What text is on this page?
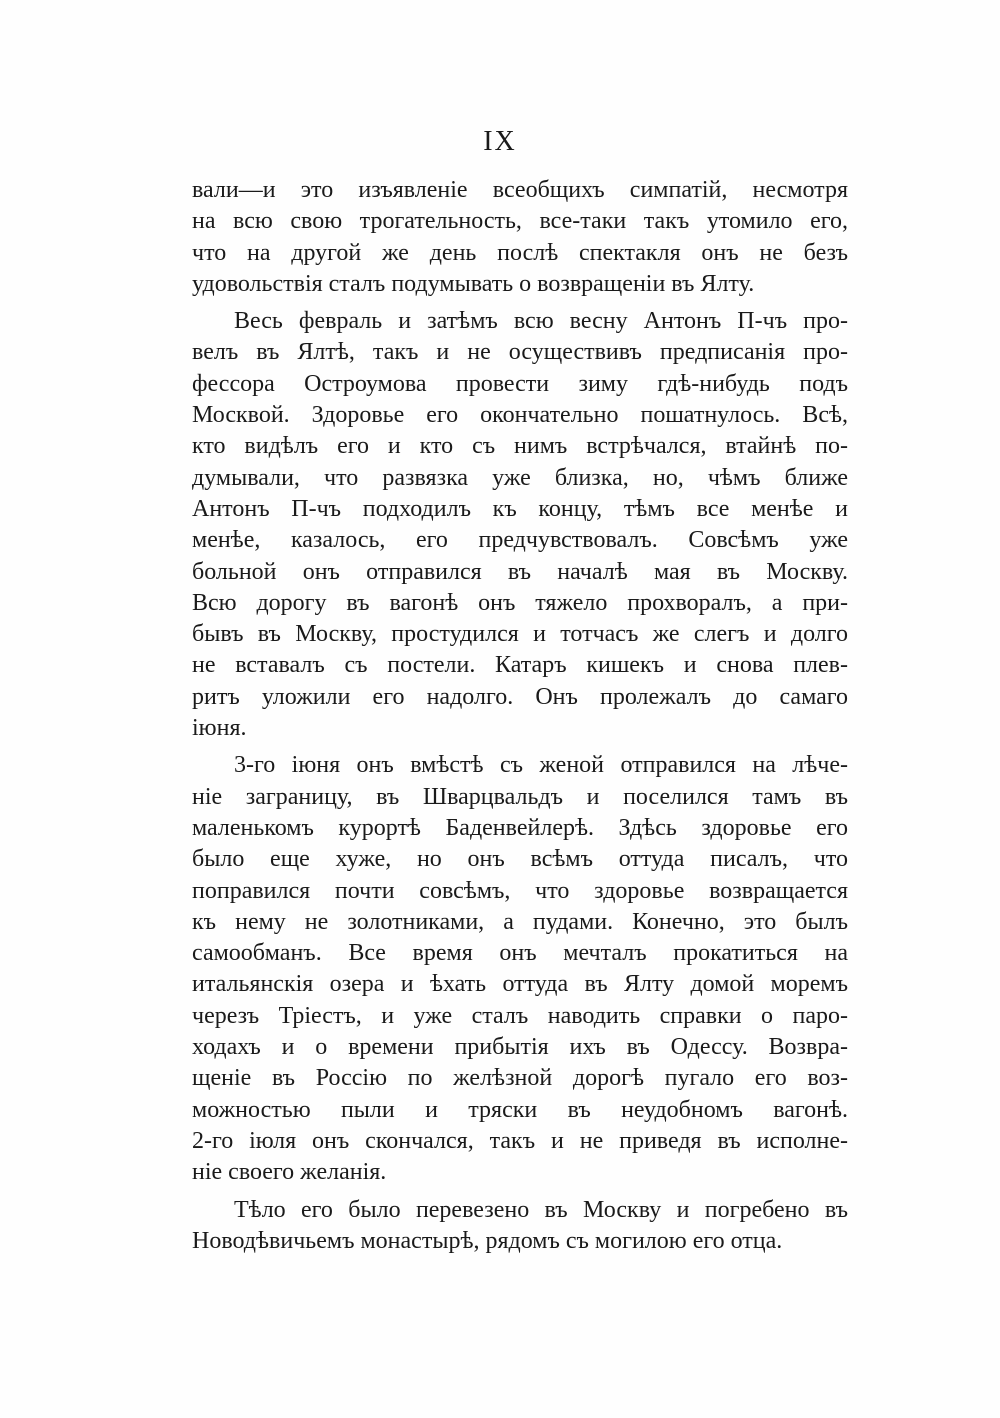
IX
вали—и это изъявленіе всеобщихъ симпатій, несмотря
на всю свою трогательность, все-таки такъ утомило его,
что на другой же день послѣ спектакля онъ не безъ
удовольствія сталъ подумывать о возвращеніи въ Ялту.
Весь февраль и затѣмъ всю весну Антонъ П-чъ про-
велъ въ Ялтѣ, такъ и не осуществивъ предписанія про-
фессора Остроумова провести зиму гдѣ-нибудь подъ
Москвой. Здоровье его окончательно пошатнулось. Всѣ,
кто видѣлъ его и кто съ нимъ встрѣчался, втайнѣ по-
думывали, что развязка уже близка, но, чѣмъ ближе
Антонъ П-чъ подходилъ къ концу, тѣмъ все менѣе и
менѣе, казалось, его предчувствовалъ. Совсѣмъ уже
больной онъ отправился въ началѣ мая въ Москву.
Всю дорогу въ вагонѣ онъ тяжело прохворалъ, а при-
бывъ въ Москву, простудился и тотчасъ же слегъ и долго
не вставалъ съ постели. Катаръ кишекъ и снова плев-
ритъ уложили его надолго. Онъ пролежалъ до самаго
іюня.
3-го іюня онъ вмѣстѣ съ женой отправился на лѣче-
ніе заграницу, въ Шварцвальдъ и поселился тамъ въ
маленькомъ курортѣ Баденвейлерѣ. Здѣсь здоровье его
было еще хуже, но онъ всѣмъ оттуда писалъ, что
поправился почти совсѣмъ, что здоровье возвращается
къ нему не золотниками, а пудами. Конечно, это былъ
самообманъ. Все время онъ мечталъ прокатиться на
итальянскія озера и ѣхать оттуда въ Ялту домой моремъ
черезъ Тріестъ, и уже сталъ наводить справки о паро-
ходахъ и о времени прибытія ихъ въ Одессу. Возвра-
щеніе въ Россію по желѣзной дорогѣ пугало его воз-
можностью пыли и тряски въ неудобномъ вагонѣ.
2-го іюля онъ скончался, такъ и не приведя въ исполне-
ніе своего желанія.
Тѣло его было перевезено въ Москву и погребено въ
Новодѣвичьемъ монастырѣ, рядомъ съ могилою его отца.
